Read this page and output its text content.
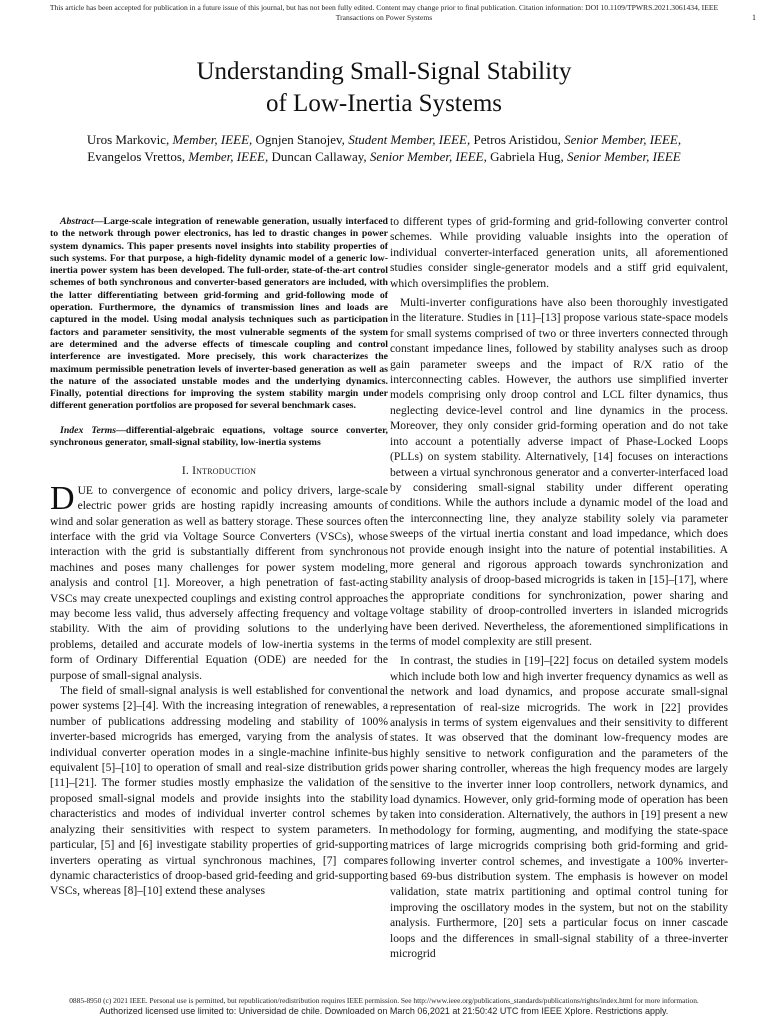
This article has been accepted for publication in a future issue of this journal, but has not been fully edited. Content may change prior to final publication. Citation information: DOI 10.1109/TPWRS.2021.3061434, IEEE
Transactions on Power Systems	1
Understanding Small-Signal Stability
of Low-Inertia Systems
Uros Markovic, Member, IEEE, Ognjen Stanojev, Student Member, IEEE, Petros Aristidou, Senior Member, IEEE,
Evangelos Vrettos, Member, IEEE, Duncan Callaway, Senior Member, IEEE, Gabriela Hug, Senior Member, IEEE

Abstract—Large-scale integration of renewable generation, usually interfaced to the network through power electronics, has led to drastic changes in power system dynamics. This paper presents novel insights into stability properties of such systems. For that purpose, a high-fidelity dynamic model of a generic low-inertia power system has been developed. The full-order, state-of-the-art control schemes of both synchronous and converter-based generators are included, with the latter differentiating between grid-forming and grid-following mode of operation. Furthermore, the dynamics of transmission lines and loads are captured in the model. Using modal analysis techniques such as participation factors and parameter sensitivity, the most vulnerable segments of the system are determined and the adverse effects of timescale coupling and control interference are investigated. More precisely, this work characterizes the maximum permissible penetration levels of inverter-based generation as well as the nature of the associated unstable modes and the underlying dynamics. Finally, potential directions for improving the system stability margin under different generation portfolios are proposed for several benchmark cases.

Index Terms—differential-algebraic equations, voltage source converter, synchronous generator, small-signal stability, low-inertia systems

I. Introduction

DUE to convergence of economic and policy drivers, large-scale electric power grids are hosting rapidly increasing amounts of wind and solar generation as well as battery storage. These sources often interface with the grid via Voltage Source Converters (VSCs), whose interaction with the grid is substantially different from synchronous machines and poses many challenges for power system modeling, analysis and control [1]. Moreover, a high penetration of fast-acting VSCs may create unexpected couplings and existing control approaches may become less valid, thus adversely affecting frequency and voltage stability. With the aim of providing solutions to the underlying problems, detailed and accurate models of low-inertia systems in the form of Ordinary Differential Equation (ODE) are needed for the purpose of small-signal analysis.

The field of small-signal analysis is well established for conventional power systems [2]–[4]. With the increasing integration of renewables, a number of publications addressing modeling and stability of 100% inverter-based microgrids has emerged, varying from the analysis of individual converter operation modes in a single-machine infinite-bus equivalent [5]–[10] to operation of small and real-size distribution grids [11]–[21]. The former studies mostly emphasize the validation of the proposed small-signal models and provide insights into the stability characteristics and modes of individual inverter control schemes by analyzing their sensitivities with respect to system parameters. In particular, [5] and [6] investigate stability properties of grid-supporting inverters operating as virtual synchronous machines, [7] compares dynamic characteristics of droop-based grid-feeding and grid-supporting VSCs, whereas [8]–[10] extend these analyses

to different types of grid-forming and grid-following converter control schemes. While providing valuable insights into the operation of individual converter-interfaced generation units, all aforementioned studies consider single-generator models and a stiff grid equivalent, which oversimplifies the problem.

Multi-inverter configurations have also been thoroughly investigated in the literature. Studies in [11]–[13] propose various state-space models for small systems comprised of two or three inverters connected through constant impedance lines, followed by stability analyses such as droop gain parameter sweeps and the impact of R/X ratio of the interconnecting cables. However, the authors use simplified inverter models comprising only droop control and LCL filter dynamics, thus neglecting device-level control and line dynamics in the process. Moreover, they only consider grid-forming operation and do not take into account a potentially adverse impact of Phase-Locked Loops (PLLs) on system stability. Alternatively, [14] focuses on interactions between a virtual synchronous generator and a converter-interfaced load by considering small-signal stability under different operating conditions. While the authors include a dynamic model of the load and the interconnecting line, they analyze stability solely via parameter sweeps of the virtual inertia constant and load impedance, which does not provide enough insight into the nature of potential instabilities. A more general and rigorous approach towards synchronization and stability analysis of droop-based microgrids is taken in [15]–[17], where the appropriate conditions for synchronization, power sharing and voltage stability of droop-controlled inverters in islanded microgrids have been derived. Nevertheless, the aforementioned simplifications in terms of model complexity are still present.

In contrast, the studies in [19]–[22] focus on detailed system models which include both low and high inverter frequency dynamics as well as the network and load dynamics, and propose accurate small-signal representation of real-size microgrids. The work in [22] provides analysis in terms of system eigenvalues and their sensitivity to different states. It was observed that the dominant low-frequency modes are highly sensitive to network configuration and the parameters of the power sharing controller, whereas the high frequency modes are largely sensitive to the inverter inner loop controllers, network dynamics, and load dynamics. However, only grid-forming mode of operation has been taken into consideration. Alternatively, the authors in [19] present a new methodology for forming, augmenting, and modifying the state-space matrices of large microgrids comprising both grid-forming and grid-following inverter control schemes, and investigate a 100% inverter-based 69-bus distribution system. The emphasis is however on model validation, state matrix partitioning and optimal control tuning for improving the oscillatory modes in the system, but not on the stability analysis. Furthermore, [20] sets a particular focus on inner cascade loops and the differences in small-signal stability of a three-inverter microgrid

0885-8950 (c) 2021 IEEE. Personal use is permitted, but republication/redistribution requires IEEE permission. See http://www.ieee.org/publications_standards/publications/rights/index.html for more information.
Authorized licensed use limited to: Universidad de chile. Downloaded on March 06,2021 at 21:50:42 UTC from IEEE Xplore. Restrictions apply.
